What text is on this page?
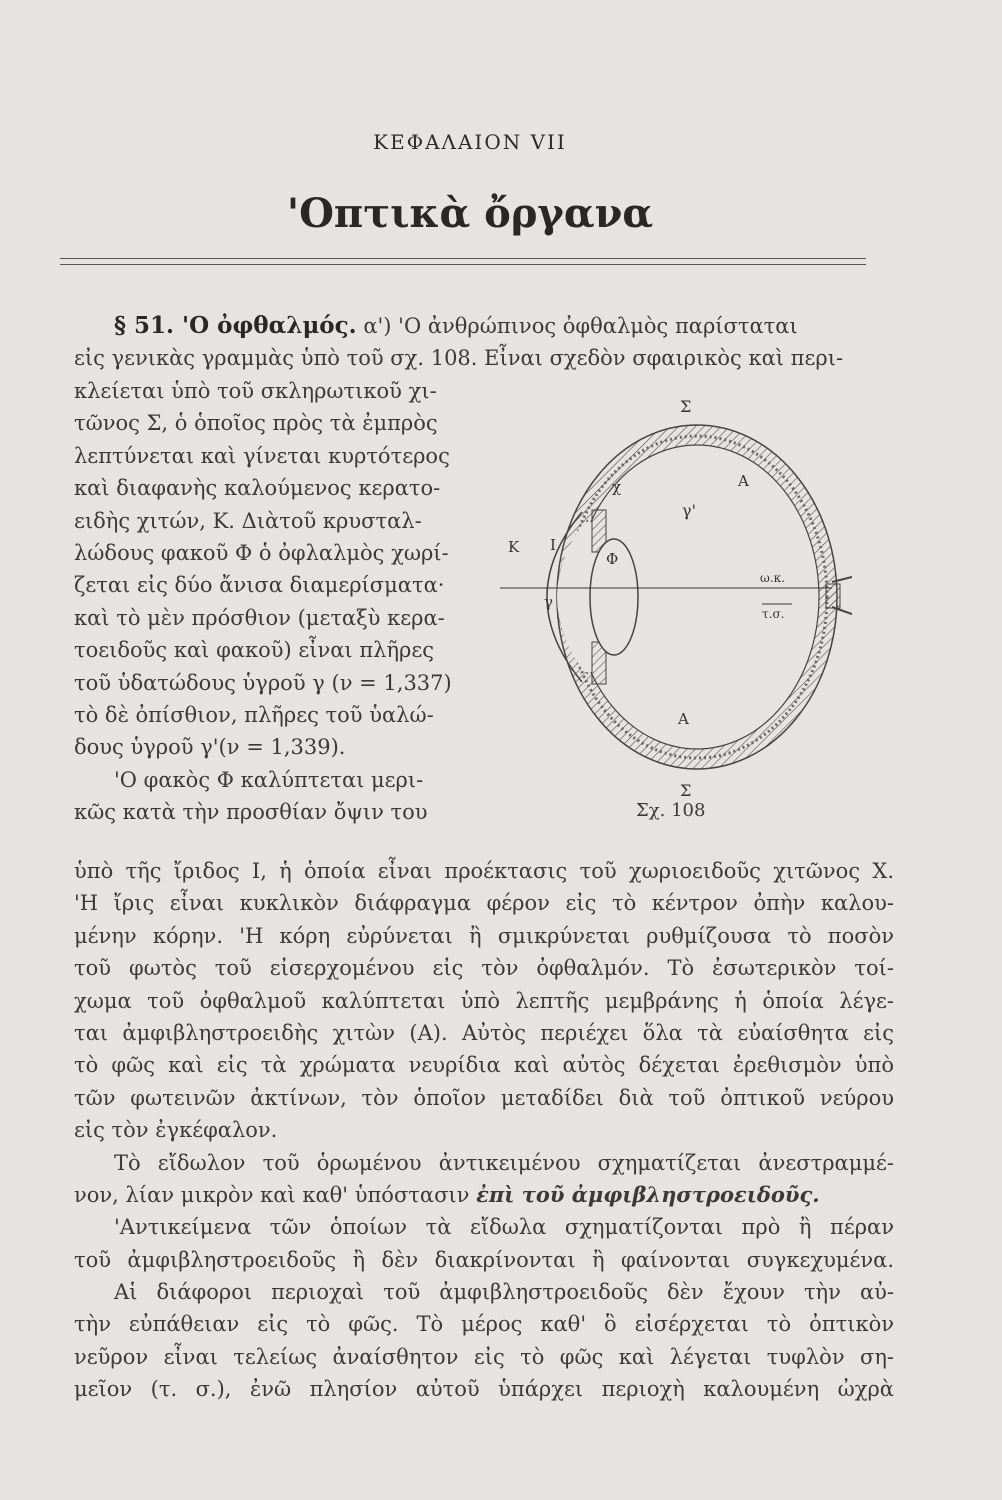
ΚΕΦΑΛΑΙΟΝ VII
'Οπτικὰ ὄργανα
§ 51. 'Ο ὀφθαλμός. α') 'Ο ἀνθρώπινος ὀφθαλμὸς παρίσταται
εἰς γενικὰς γραμμὰς ὑπὸ τοῦ σχ. 108. Εἶναι σχεδὸν σφαιρικὸς καὶ περι-
κλείεται ὑπὸ τοῦ σκληρωτικοῦ χι-
τῶνος Σ, ὁ ὁποῖος πρὸς τὰ ἐμπρὸς
λεπτύνεται καὶ γίνεται κυρτότερος
καὶ διαφανὴς καλούμενος κερατο-
ειδὴς χιτών, Κ. Διὰτοῦ κρυσταλ-
λώδους φακοῦ Φ ὁ ὀφλαλμὸς χωρί-
ζεται εἰς δύο ἄνισα διαμερίσματα·
καὶ τὸ μὲν πρόσθιον (μεταξὺ κερα-
τοειδοῦς καὶ φακοῦ) εἶναι πλῆρες
τοῦ ὑδατώδους ὑγροῦ γ (ν = 1,337)
τὸ δὲ ὀπίσθιον, πλῆρες τοῦ ὑαλώ-
δους ὑγροῦ γ'(ν = 1,339).
'Ο φακὸς Φ καλύπτεται μερι-
κῶς κατὰ τὴν προσθίαν ὄψιν του
Σ
Σ
Κ Ι
Φ
γ
γ'
χ	Α
Α
ω.κ.
τ.σ.
Σχ. 108
ὑπὸ τῆς ἴριδος Ι, ἡ ὁποία εἶναι προέκτασις τοῦ χωριοειδοῦς χιτῶνος Χ.
'Η ἴρις εἶναι κυκλικὸν διάφραγμα φέρον εἰς τὸ κέντρον ὀπὴν καλου-
μένην κόρην. 'Η κόρη εὐρύνεται ἢ σμικρύνεται ρυθμίζουσα τὸ ποσὸν
τοῦ φωτὸς τοῦ εἰσερχομένου εἰς τὸν ὀφθαλμόν. Τὸ ἐσωτερικὸν τοί-
χωμα τοῦ ὀφθαλμοῦ καλύπτεται ὑπὸ λεπτῆς μεμβράνης ἡ ὁποία λέγε-
ται ἀμφιβληστροειδὴς χιτὼν (Α). Αὐτὸς περιέχει ὅλα τὰ εὐαίσθητα εἰς
τὸ φῶς καὶ εἰς τὰ χρώματα νευρίδια καὶ αὐτὸς δέχεται ἐρεθισμὸν ὑπὸ
τῶν φωτεινῶν ἀκτίνων, τὸν ὁποῖον μεταδίδει διὰ τοῦ ὀπτικοῦ νεύρου
εἰς τὸν ἐγκέφαλον.
Τὸ εἴδωλον τοῦ ὁρωμένου ἀντικειμένου σχηματίζεται ἀνεστραμμέ-
νον, λίαν μικρὸν καὶ καθ' ὑπόστασιν ἐπὶ τοῦ ἀμφιβληστροειδοῦς.
'Αντικείμενα τῶν ὁποίων τὰ εἴδωλα σχηματίζονται πρὸ ἢ πέραν
τοῦ ἀμφιβληστροειδοῦς ἢ δὲν διακρίνονται ἢ φαίνονται συγκεχυμένα.
Αἱ διάφοροι περιοχαὶ τοῦ ἀμφιβληστροειδοῦς δὲν ἔχουν τὴν αὐ-
τὴν εὐπάθειαν εἰς τὸ φῶς. Τὸ μέρος καθ' ὃ εἰσέρχεται τὸ ὀπτικὸν
νεῦρον εἶναι τελείως ἀναίσθητον εἰς τὸ φῶς καὶ λέγεται τυφλὸν ση-
μεῖον (τ. σ.), ἐνῶ πλησίον αὐτοῦ ὑπάρχει περιοχὴ καλουμένη ὠχρὰ
